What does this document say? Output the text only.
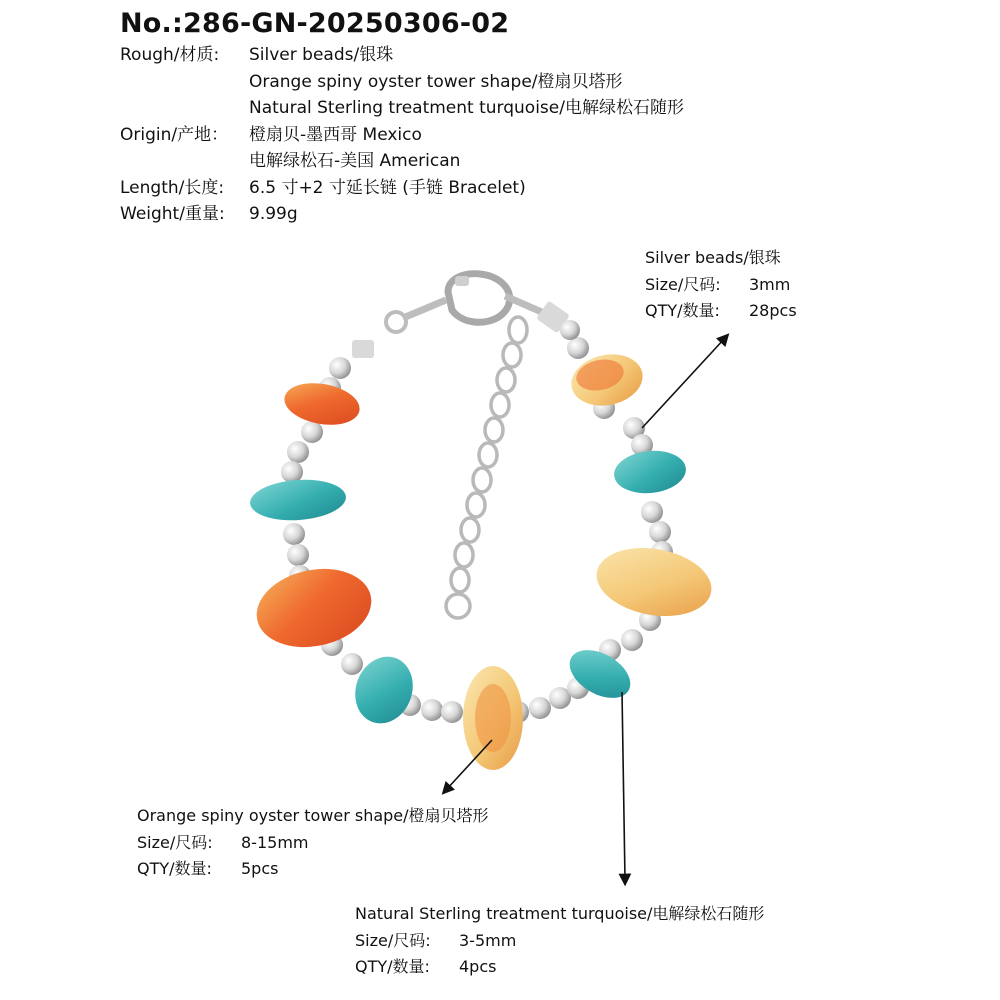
No.:286-GN-20250306-02
Rough/材质:	Silver beads/银珠
Orange spiny oyster tower shape/橙扇贝塔形
Natural Sterling treatment turquoise/电解绿松石随形
Origin/产地：	橙扇贝-墨西哥 Mexico
电解绿松石-美国 American
Length/长度:	6.5 寸+2 寸延长链 (手链 Bracelet)
Weight/重量:	9.99g
Silver beads/银珠
Size/尺码: 3mm
QTY/数量: 28pcs
Orange spiny oyster tower shape/橙扇贝塔形
Size/尺码: 8-15mm
QTY/数量: 5pcs
Natural Sterling treatment turquoise/电解绿松石随形
Size/尺码: 3-5mm
QTY/数量: 4pcs
